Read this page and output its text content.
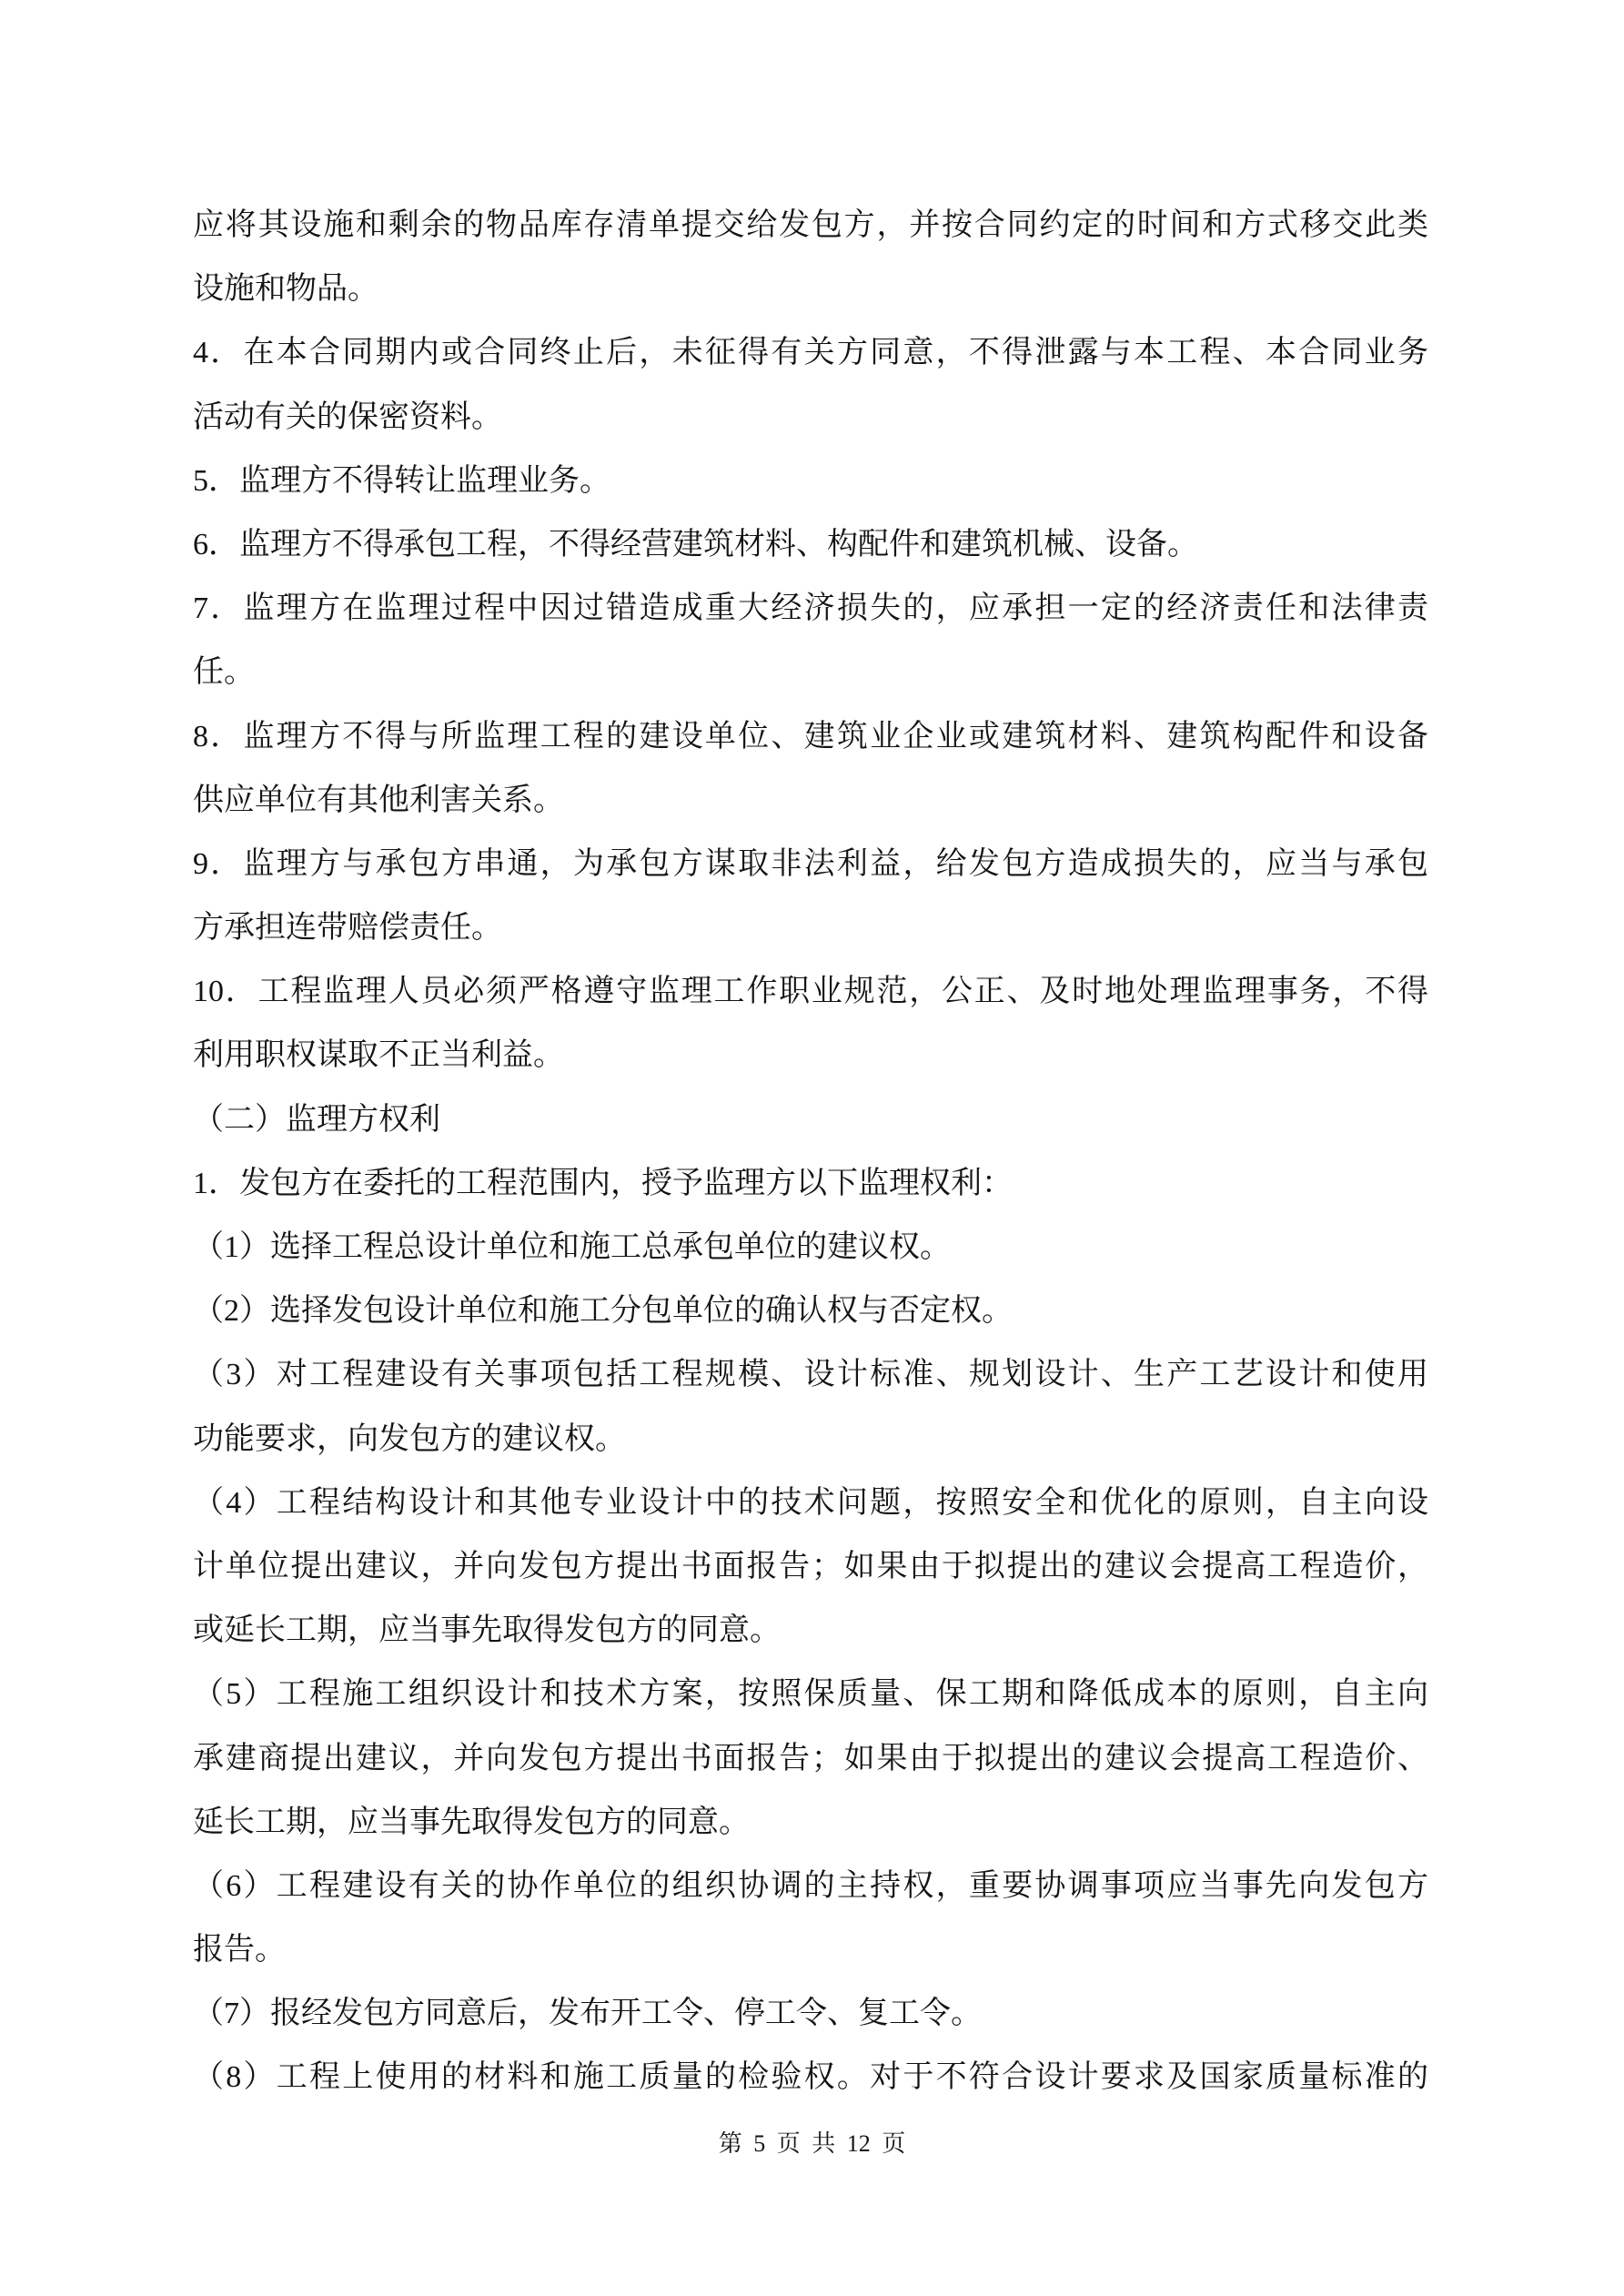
应将其设施和剩余的物品库存清单提交给发包方，并按合同约定的时间和方式移交此类
设施和物品。
4．在本合同期内或合同终止后，未征得有关方同意，不得泄露与本工程、本合同业务
活动有关的保密资料。
5．监理方不得转让监理业务。
6．监理方不得承包工程，不得经营建筑材料、构配件和建筑机械、设备。
7．监理方在监理过程中因过错造成重大经济损失的，应承担一定的经济责任和法律责
任。
8．监理方不得与所监理工程的建设单位、建筑业企业或建筑材料、建筑构配件和设备
供应单位有其他利害关系。
9．监理方与承包方串通，为承包方谋取非法利益，给发包方造成损失的，应当与承包
方承担连带赔偿责任。
10．工程监理人员必须严格遵守监理工作职业规范，公正、及时地处理监理事务，不得
利用职权谋取不正当利益。
（二）监理方权利
1．发包方在委托的工程范围内，授予监理方以下监理权利：
（1）选择工程总设计单位和施工总承包单位的建议权。
（2）选择发包设计单位和施工分包单位的确认权与否定权。
（3）对工程建设有关事项包括工程规模、设计标准、规划设计、生产工艺设计和使用
功能要求，向发包方的建议权。
（4）工程结构设计和其他专业设计中的技术问题，按照安全和优化的原则，自主向设
计单位提出建议，并向发包方提出书面报告；如果由于拟提出的建议会提高工程造价，
或延长工期，应当事先取得发包方的同意。
（5）工程施工组织设计和技术方案，按照保质量、保工期和降低成本的原则，自主向
承建商提出建议，并向发包方提出书面报告；如果由于拟提出的建议会提高工程造价、
延长工期，应当事先取得发包方的同意。
（6）工程建设有关的协作单位的组织协调的主持权，重要协调事项应当事先向发包方
报告。
（7）报经发包方同意后，发布开工令、停工令、复工令。
（8）工程上使用的材料和施工质量的检验权。对于不符合设计要求及国家质量标准的
第 5 页 共 12 页
